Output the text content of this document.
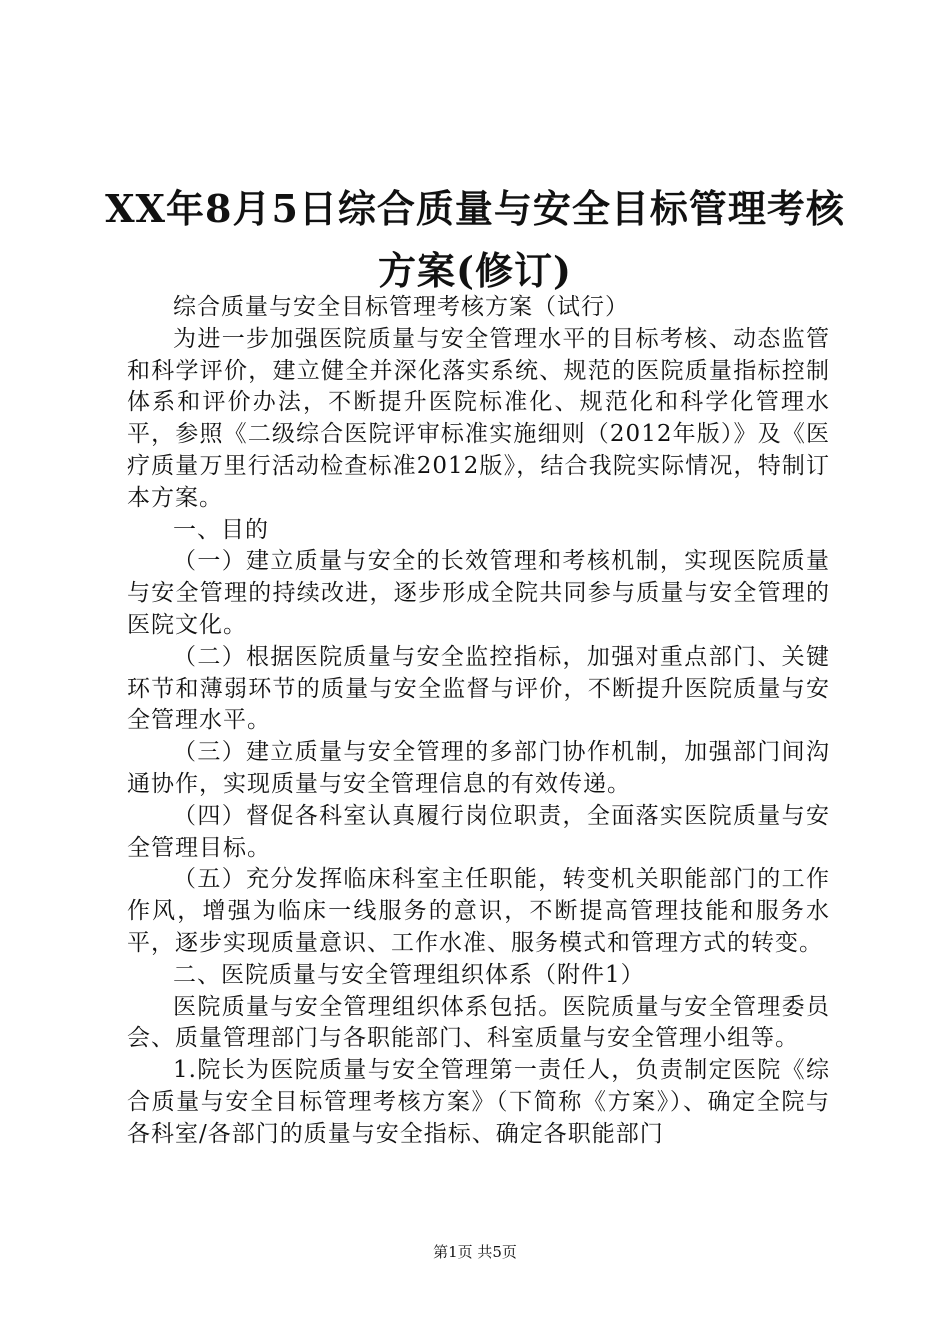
XX年8月5日综合质量与安全目标管理考核方案(修订)

综合质量与安全目标管理考核方案（试行）

为进一步加强医院质量与安全管理水平的目标考核、动态监管和科学评价，建立健全并深化落实系统、规范的医院质量指标控制体系和评价办法，不断提升医院标准化、规范化和科学化管理水平，参照《二级综合医院评审标准实施细则（2012年版）》及《医疗质量万里行活动检查标准2012版》，结合我院实际情况，特制订本方案。

一、目的

（一）建立质量与安全的长效管理和考核机制，实现医院质量与安全管理的持续改进，逐步形成全院共同参与质量与安全管理的医院文化。

（二）根据医院质量与安全监控指标，加强对重点部门、关键环节和薄弱环节的质量与安全监督与评价，不断提升医院质量与安全管理水平。

（三）建立质量与安全管理的多部门协作机制，加强部门间沟通协作，实现质量与安全管理信息的有效传递。

（四）督促各科室认真履行岗位职责，全面落实医院质量与安全管理目标。

（五）充分发挥临床科室主任职能，转变机关职能部门的工作作风，增强为临床一线服务的意识，不断提高管理技能和服务水平，逐步实现质量意识、工作水准、服务模式和管理方式的转变。

二、医院质量与安全管理组织体系（附件1）

医院质量与安全管理组织体系包括。医院质量与安全管理委员会、质量管理部门与各职能部门、科室质量与安全管理小组等。

1.院长为医院质量与安全管理第一责任人，负责制定医院《综合质量与安全目标管理考核方案》（下简称《方案》）、确定全院与各科室/各部门的质量与安全指标、确定各职能部门

第1页 共5页
